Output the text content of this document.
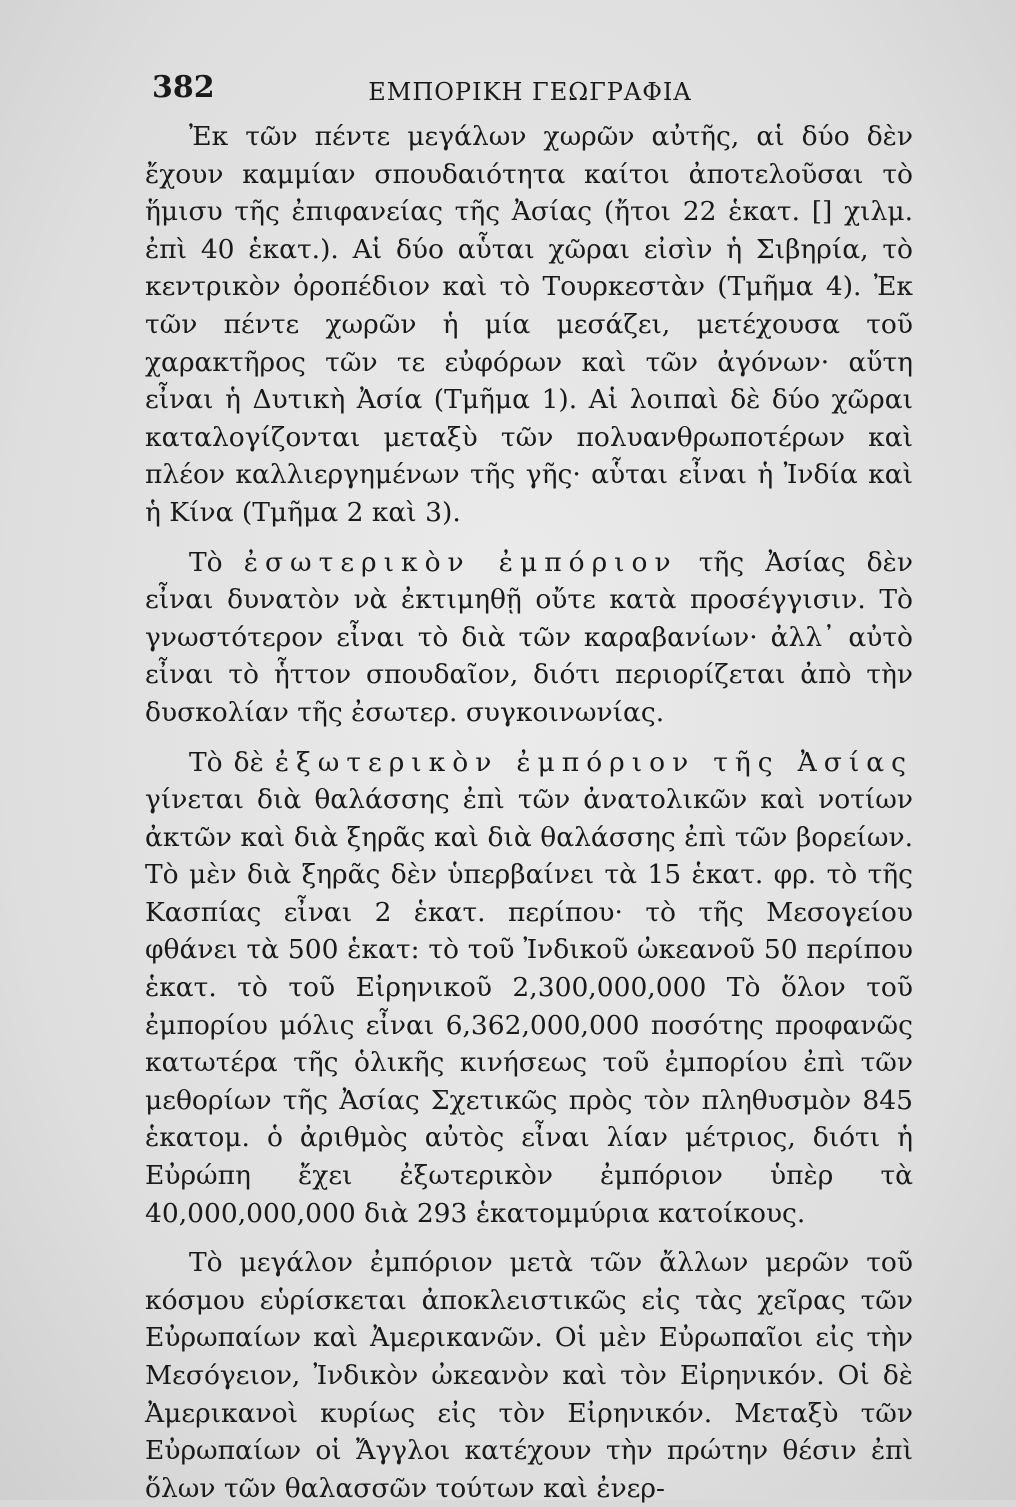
382	ΕΜΠΟΡΙΚΗ ΓΕΩΓΡΑΦΙΑ

Ἐκ τῶν πέντε μεγάλων χωρῶν αὐτῆς, αἱ δύο δὲν ἔχουν καμμίαν σπουδαιότητα καίτοι ἀποτελοῦσαι τὸ ἥμισυ τῆς ἐπιφανείας τῆς Ἀσίας (ἤτοι 22 ἑκατ. [] χιλμ. ἐπὶ 40 ἑκατ.). Αἱ δύο αὗται χῶραι εἰσὶν ἡ Σιβηρία, τὸ κεντρικὸν ὀροπέδιον καὶ τὸ Τουρκεστὰν (Τμῆμα 4). Ἐκ τῶν πέντε χωρῶν ἡ μία μεσάζει, μετέχουσα τοῦ χαρακτῆρος τῶν τε εὐφόρων καὶ τῶν ἀγόνων· αὕτη εἶναι ἡ Δυτικὴ Ἀσία (Τμῆμα 1). Αἱ λοιπαὶ δὲ δύο χῶραι καταλογίζονται μεταξὺ τῶν πολυανθρωποτέρων καὶ πλέον καλλιεργημένων τῆς γῆς· αὗται εἶναι ἡ Ἰνδία καὶ ἡ Κίνα (Τμῆμα 2 καὶ 3).

Τὸ ἐσωτερικὸν ἐμπόριον τῆς Ἀσίας δὲν εἶναι δυνατὸν νὰ ἐκτιμηθῇ οὔτε κατὰ προσέγγισιν. Τὸ γνωστότερον εἶναι τὸ διὰ τῶν καραβανίων· ἀλλ᾽ αὐτὸ εἶναι τὸ ἧττον σπουδαῖον, διότι περιορίζεται ἀπὸ τὴν δυσκολίαν τῆς ἐσωτερ. συγκοινωνίας.

Τὸ δὲ ἐξωτερικὸν ἐμπόριον τῆς Ἀσίας γίνεται διὰ θαλάσσης ἐπὶ τῶν ἀνατολικῶν καὶ νοτίων ἀκτῶν καὶ διὰ ξηρᾶς καὶ διὰ θαλάσσης ἐπὶ τῶν βορείων. Τὸ μὲν διὰ ξηρᾶς δὲν ὑπερβαίνει τὰ 15 ἑκατ. φρ. τὸ τῆς Κασπίας εἶναι 2 ἑκατ. περίπου· τὸ τῆς Μεσογείου φθάνει τὰ 500 ἑκατ: τὸ τοῦ Ἰνδικοῦ ὠκεανοῦ 50 περίπου ἑκατ. τὸ τοῦ Εἰρηνικοῦ 2,300,000,000 Τὸ ὅλον τοῦ ἐμπορίου μόλις εἶναι 6,362,000,000 ποσότης προφανῶς κατωτέρα τῆς ὁλικῆς κινήσεως τοῦ ἐμπορίου ἐπὶ τῶν μεθορίων τῆς Ἀσίας Σχετικῶς πρὸς τὸν πληθυσμὸν 845 ἑκατομ. ὁ ἀριθμὸς αὐτὸς εἶναι λίαν μέτριος, διότι ἡ Εὐρώπη ἔχει ἐξωτερικὸν ἐμπόριον ὑπὲρ τὰ 40,000,000,000 διὰ 293 ἑκατομμύρια κατοίκους.

Τὸ μεγάλον ἐμπόριον μετὰ τῶν ἄλλων μερῶν τοῦ κόσμου εὑρίσκεται ἀποκλειστικῶς εἰς τὰς χεῖρας τῶν Εὐρωπαίων καὶ Ἀμερικανῶν. Οἱ μὲν Εὐρωπαῖοι εἰς τὴν Μεσόγειον, Ἰνδικὸν ὠκεανὸν καὶ τὸν Εἰρηνικόν. Οἱ δὲ Ἀμερικανοὶ κυρίως εἰς τὸν Εἰρηνικόν. Μεταξὺ τῶν Εὐρωπαίων οἱ Ἄγγλοι κατέχουν τὴν πρώτην θέσιν ἐπὶ ὅλων τῶν θαλασσῶν τούτων καὶ ἐνερ-
